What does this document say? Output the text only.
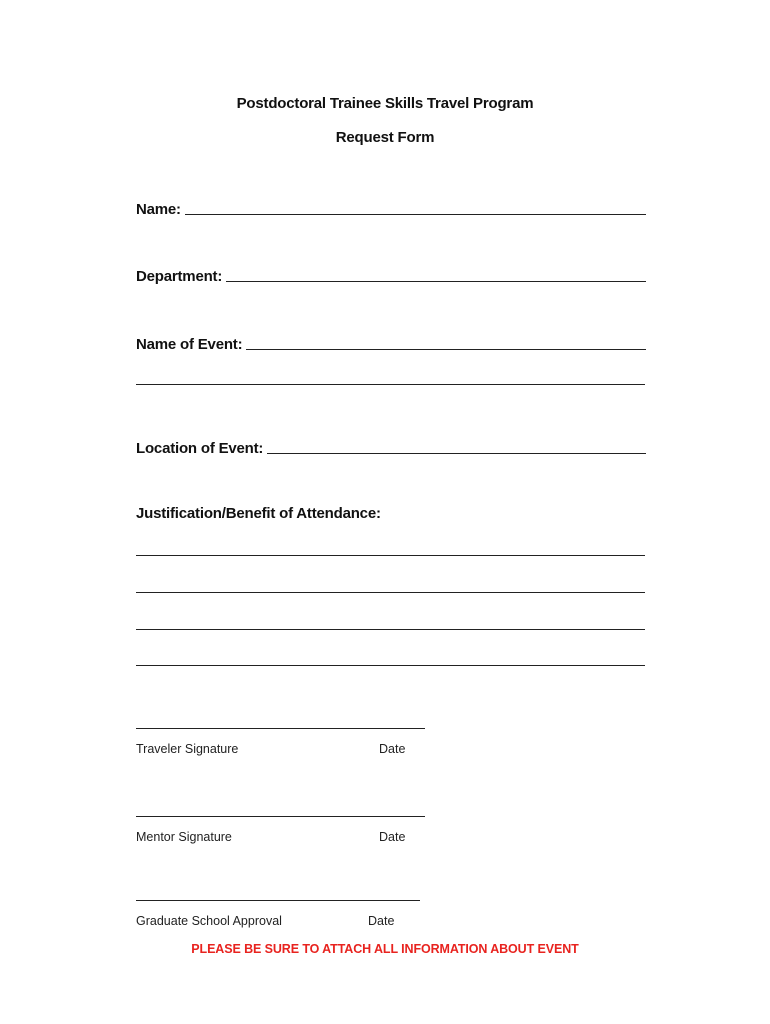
Postdoctoral Trainee Skills Travel Program
Request Form
Name:
Department:
Name of Event:
Location of Event:
Justification/Benefit of Attendance:
Traveler Signature	Date
Mentor Signature	Date
Graduate School Approval	Date
PLEASE BE SURE TO ATTACH ALL INFORMATION ABOUT EVENT
